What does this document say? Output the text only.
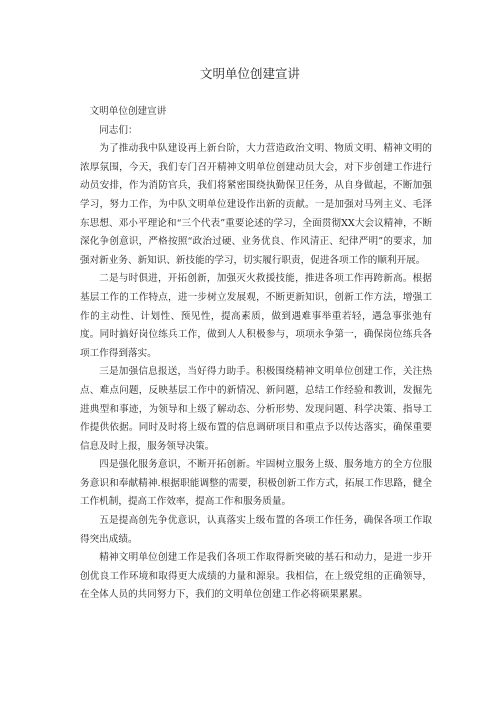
文明单位创建宣讲

文明单位创建宣讲

同志们：

为了推动我中队建设再上新台阶，大力营造政治文明、物质文明、精神文明的浓厚氛围，今天，我们专门召开精神文明单位创建动员大会，对下步创建工作进行动员安排，作为消防官兵，我们将紧密围绕执勤保卫任务，从自身做起，不断加强学习，努力工作，为中队文明单位建设作出新的贡献。一是加强对马列主义、毛泽东思想、邓小平理论和“三个代表”重要论述的学习，全面贯彻XX大会议精神，不断深化争创意识，严格按照“政治过硬、业务优良、作风清正、纪律严明”的要求，加强对新业务、新知识、新技能的学习，切实履行职责，促进各项工作的顺利开展。

二是与时俱进，开拓创新，加强灭火救援技能，推进各项工作再跨新高。根据基层工作的工作特点，进一步树立发展观，不断更新知识，创新工作方法，增强工作的主动性、计划性、预见性，提高素质，做到遇难事举重若轻，遇急事张弛有度。同时搞好岗位练兵工作，做到人人积极参与，项项永争第一，确保岗位练兵各项工作得到落实。

三是加强信息报送，当好得力助手。积极围绕精神文明单位创建工作，关注热点、难点问题，反映基层工作中的新情况、新问题，总结工作经验和教训，发掘先进典型和事迹，为领导和上级了解动态、分析形势、发现问题、科学决策、指导工作提供依据。同时及时将上级布置的信息调研项目和重点予以传达落实，确保重要信息及时上报，服务领导决策。

四是强化服务意识，不断开拓创新。牢固树立服务上级、服务地方的全方位服务意识和奉献精神.根据职能调整的需要，积极创新工作方式，拓展工作思路，健全工作机制，提高工作效率，提高工作和服务质量。

五是提高创先争优意识，认真落实上级布置的各项工作任务，确保各项工作取得突出成绩。

精神文明单位创建工作是我们各项工作取得新突破的基石和动力，是进一步开创优良工作环境和取得更大成绩的力量和源泉。我相信，在上级党组的正确领导，在全体人员的共同努力下，我们的文明单位创建工作必将硕果累累。
